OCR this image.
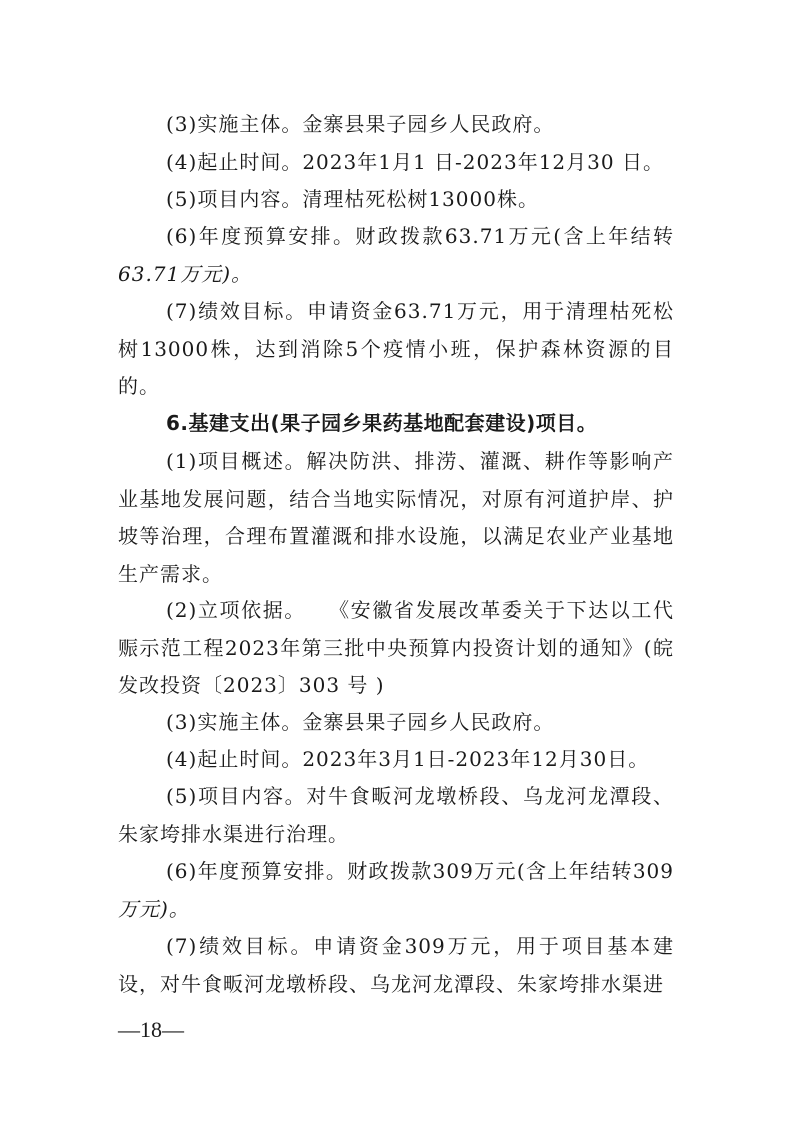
(3)实施主体。金寨县果子园乡人民政府。

(4)起止时间。2023年1月1 日-2023年12月30 日。

(5)项目内容。清理枯死松树13000株。

(6)年度预算安排。财政拨款63.71万元(含上年结转63.71万元)。

(7)绩效目标。申请资金63.71万元，用于清理枯死松树13000株，达到消除5个疫情小班，保护森林资源的目的。

6.基建支出(果子园乡果药基地配套建设)项目。

(1)项目概述。解决防洪、排涝、灌溉、耕作等影响产业基地发展问题，结合当地实际情况，对原有河道护岸、护坡等治理，合理布置灌溉和排水设施，以满足农业产业基地生产需求。

(2)立项依据。　　《安徽省发展改革委关于下达以工代赈示范工程2023年第三批中央预算内投资计划的通知》(皖发改投资〔2023〕303 号 )

(3)实施主体。金寨县果子园乡人民政府。

(4)起止时间。2023年3月1日-2023年12月30日。

(5)项目内容。对牛食畈河龙墩桥段、乌龙河龙潭段、朱家垮排水渠进行治理。

(6)年度预算安排。财政拨款309万元(含上年结转309万元)。

(7)绩效目标。申请资金309万元，用于项目基本建设，对牛食畈河龙墩桥段、乌龙河龙潭段、朱家垮排水渠进

—18—
